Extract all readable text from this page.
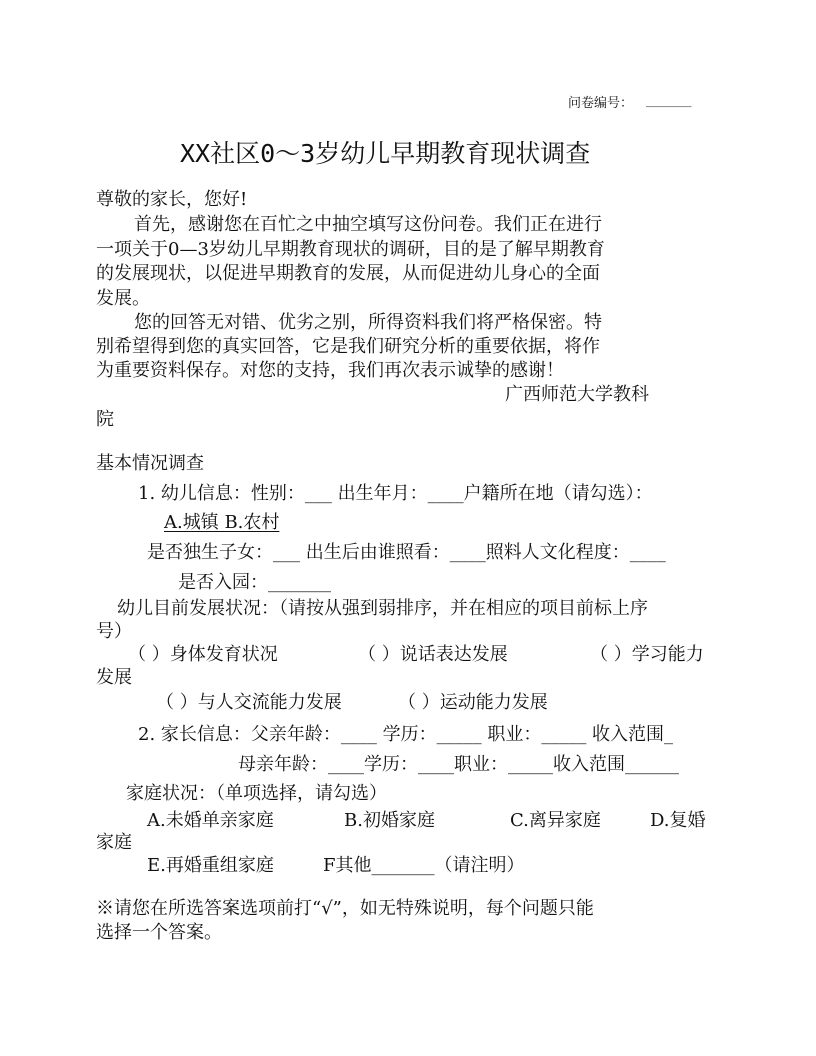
问卷编号： _______
XX社区0～3岁幼儿早期教育现状调查
尊敬的家长，您好!
首先，感谢您在百忙之中抽空填写这份问卷。我们正在进行
一项关于0—3岁幼儿早期教育现状的调研，目的是了解早期教育
的发展现状，以促进早期教育的发展，从而促进幼儿身心的全面
发展。
您的回答无对错、优劣之别，所得资料我们将严格保密。特
别希望得到您的真实回答，它是我们研究分析的重要依据，将作
为重要资料保存。对您的支持，我们再次表示诚挚的感谢！
广西师范大学教科
院
基本情况调查
1. 幼儿信息：性别：___ 出生年月：____户籍所在地（请勾选）：
A.城镇 B.农村
是否独生子女：___ 出生后由谁照看：____照料人文化程度：____
是否入园：_______
幼儿目前发展状况：（请按从强到弱排序，并在相应的项目前标上序
号）
（ ）身体发育状况	（ ）说话表达发展	（ ）学习能力
发展
（ ）与人交流能力发展	（ ）运动能力发展
2. 家长信息：父亲年龄：____ 学历：_____ 职业：_____ 收入范围_
母亲年龄：____学历：____职业：_____收入范围______
家庭状况：（单项选择，请勾选）
A.未婚单亲家庭	B.初婚家庭	C.离异家庭	D.复婚
家庭
E.再婚重组家庭	F其他_______（请注明）
※请您在所选答案选项前打“√”，如无特殊说明，每个问题只能
选择一个答案。
